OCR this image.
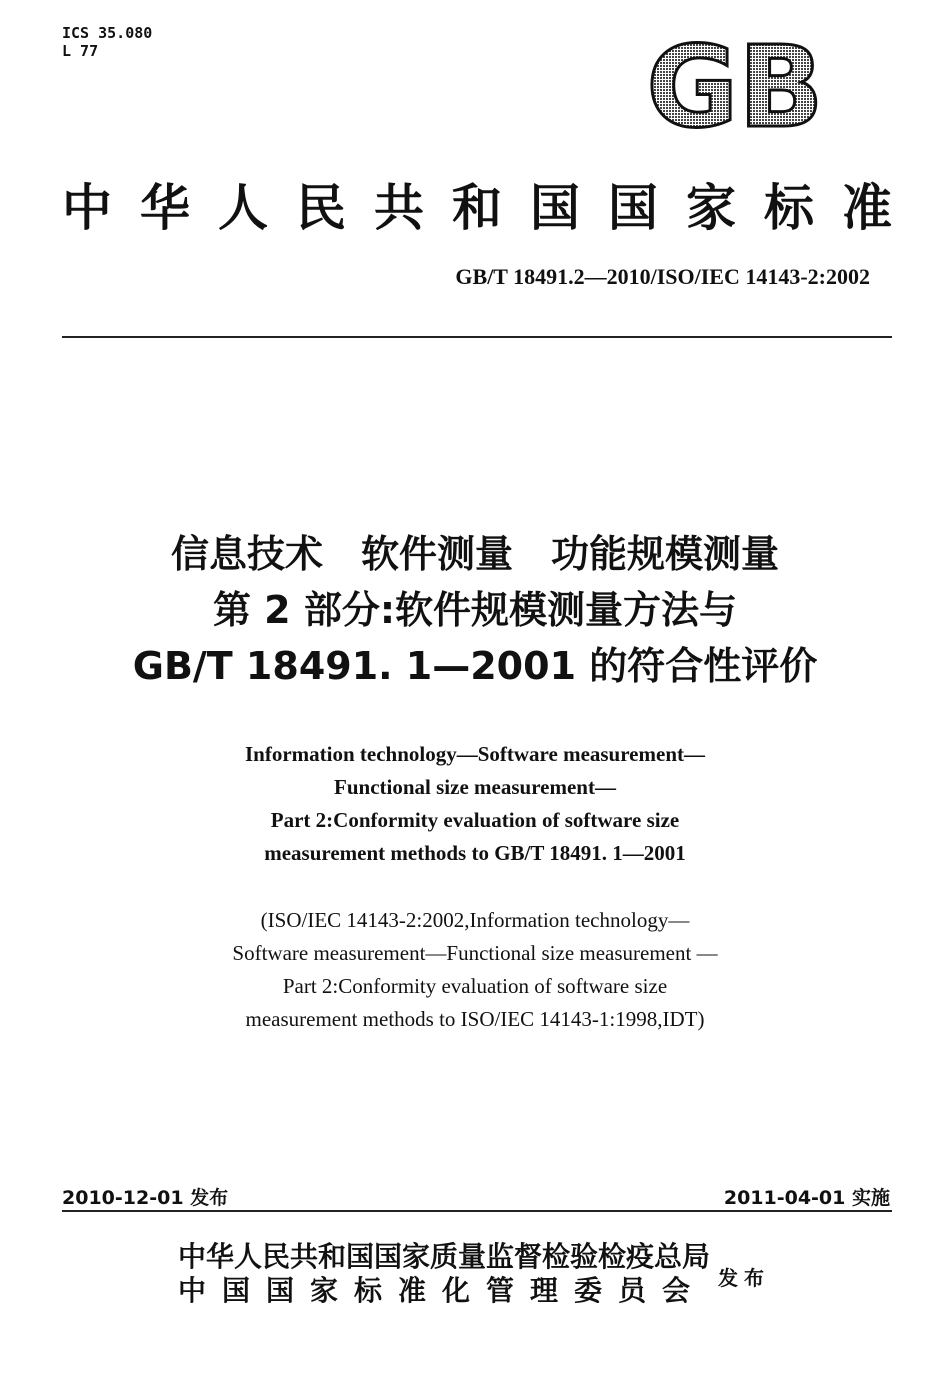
ICS 35.080
L 77	GB
中 华 人 民 共 和 国 国 家 标 准
GB/T 18491.2—2010/ISO/IEC 14143-2:2002
信息技术　软件测量　功能规模测量
第 2 部分:软件规模测量方法与
GB/T 18491. 1—2001 的符合性评价
Information technology—Software measurement—
Functional size measurement—
Part 2:Conformity evaluation of software size
measurement methods to GB/T 18491. 1—2001
(ISO/IEC 14143-2:2002,Information technology—
Software measurement—Functional size measurement —
Part 2:Conformity evaluation of software size
measurement methods to ISO/IEC 14143-1:1998,IDT)
2010-12-01 发布	2011-04-01 实施
中华人民共和国国家质量监督检验检疫总局
中国国家标准化管理委员会 发布
